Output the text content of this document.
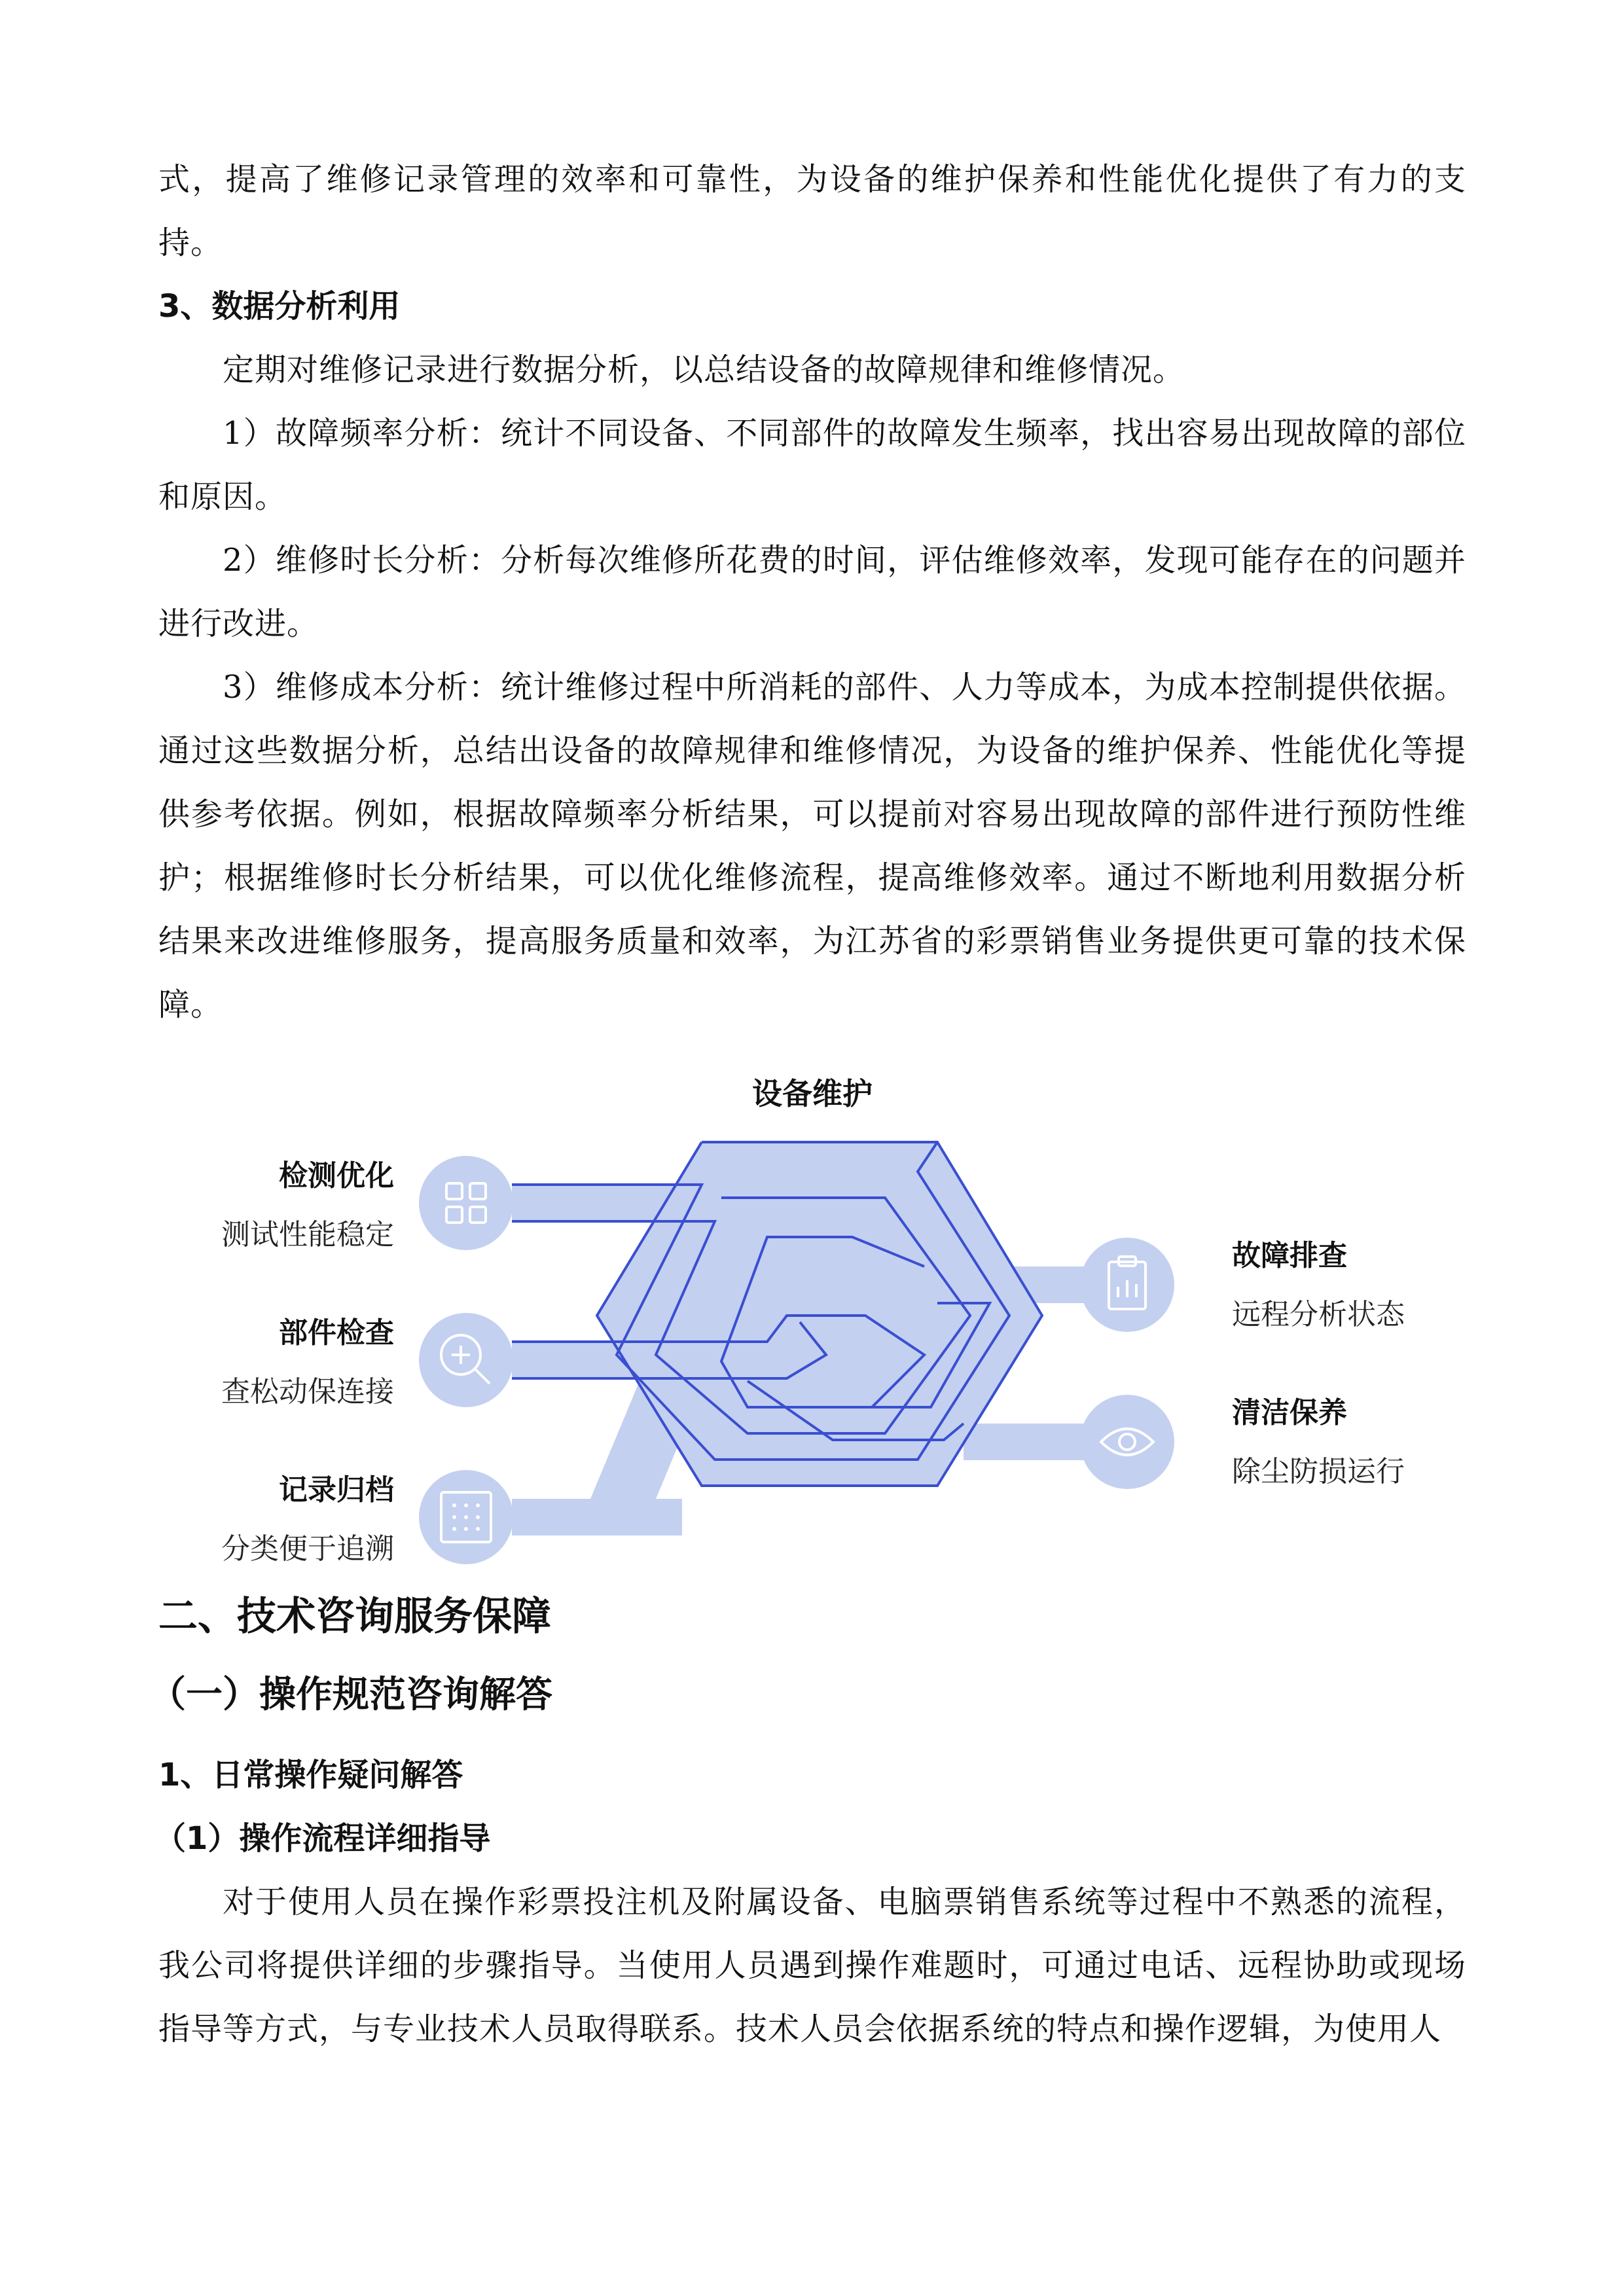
式，提高了维修记录管理的效率和可靠性，为设备的维护保养和性能优化提供了有力的支持。

3、数据分析利用

定期对维修记录进行数据分析，以总结设备的故障规律和维修情况。

1）故障频率分析：统计不同设备、不同部件的故障发生频率，找出容易出现故障的部位和原因。

2）维修时长分析：分析每次维修所花费的时间，评估维修效率，发现可能存在的问题并进行改进。

3）维修成本分析：统计维修过程中所消耗的部件、人力等成本，为成本控制提供依据。通过这些数据分析，总结出设备的故障规律和维修情况，为设备的维护保养、性能优化等提供参考依据。例如，根据故障频率分析结果，可以提前对容易出现故障的部件进行预防性维护；根据维修时长分析结果，可以优化维修流程，提高维修效率。通过不断地利用数据分析结果来改进维修服务，提高服务质量和效率，为江苏省的彩票销售业务提供更可靠的技术保障。

设备维护
检测优化
测试性能稳定
部件检查
查松动保连接
记录归档
分类便于追溯
故障排查
远程分析状态
清洁保养
除尘防损运行

二、技术咨询服务保障

（一）操作规范咨询解答

1、日常操作疑问解答

（1）操作流程详细指导

对于使用人员在操作彩票投注机及附属设备、电脑票销售系统等过程中不熟悉的流程，我公司将提供详细的步骤指导。当使用人员遇到操作难题时，可通过电话、远程协助或现场指导等方式，与专业技术人员取得联系。技术人员会依据系统的特点和操作逻辑，为使用人
